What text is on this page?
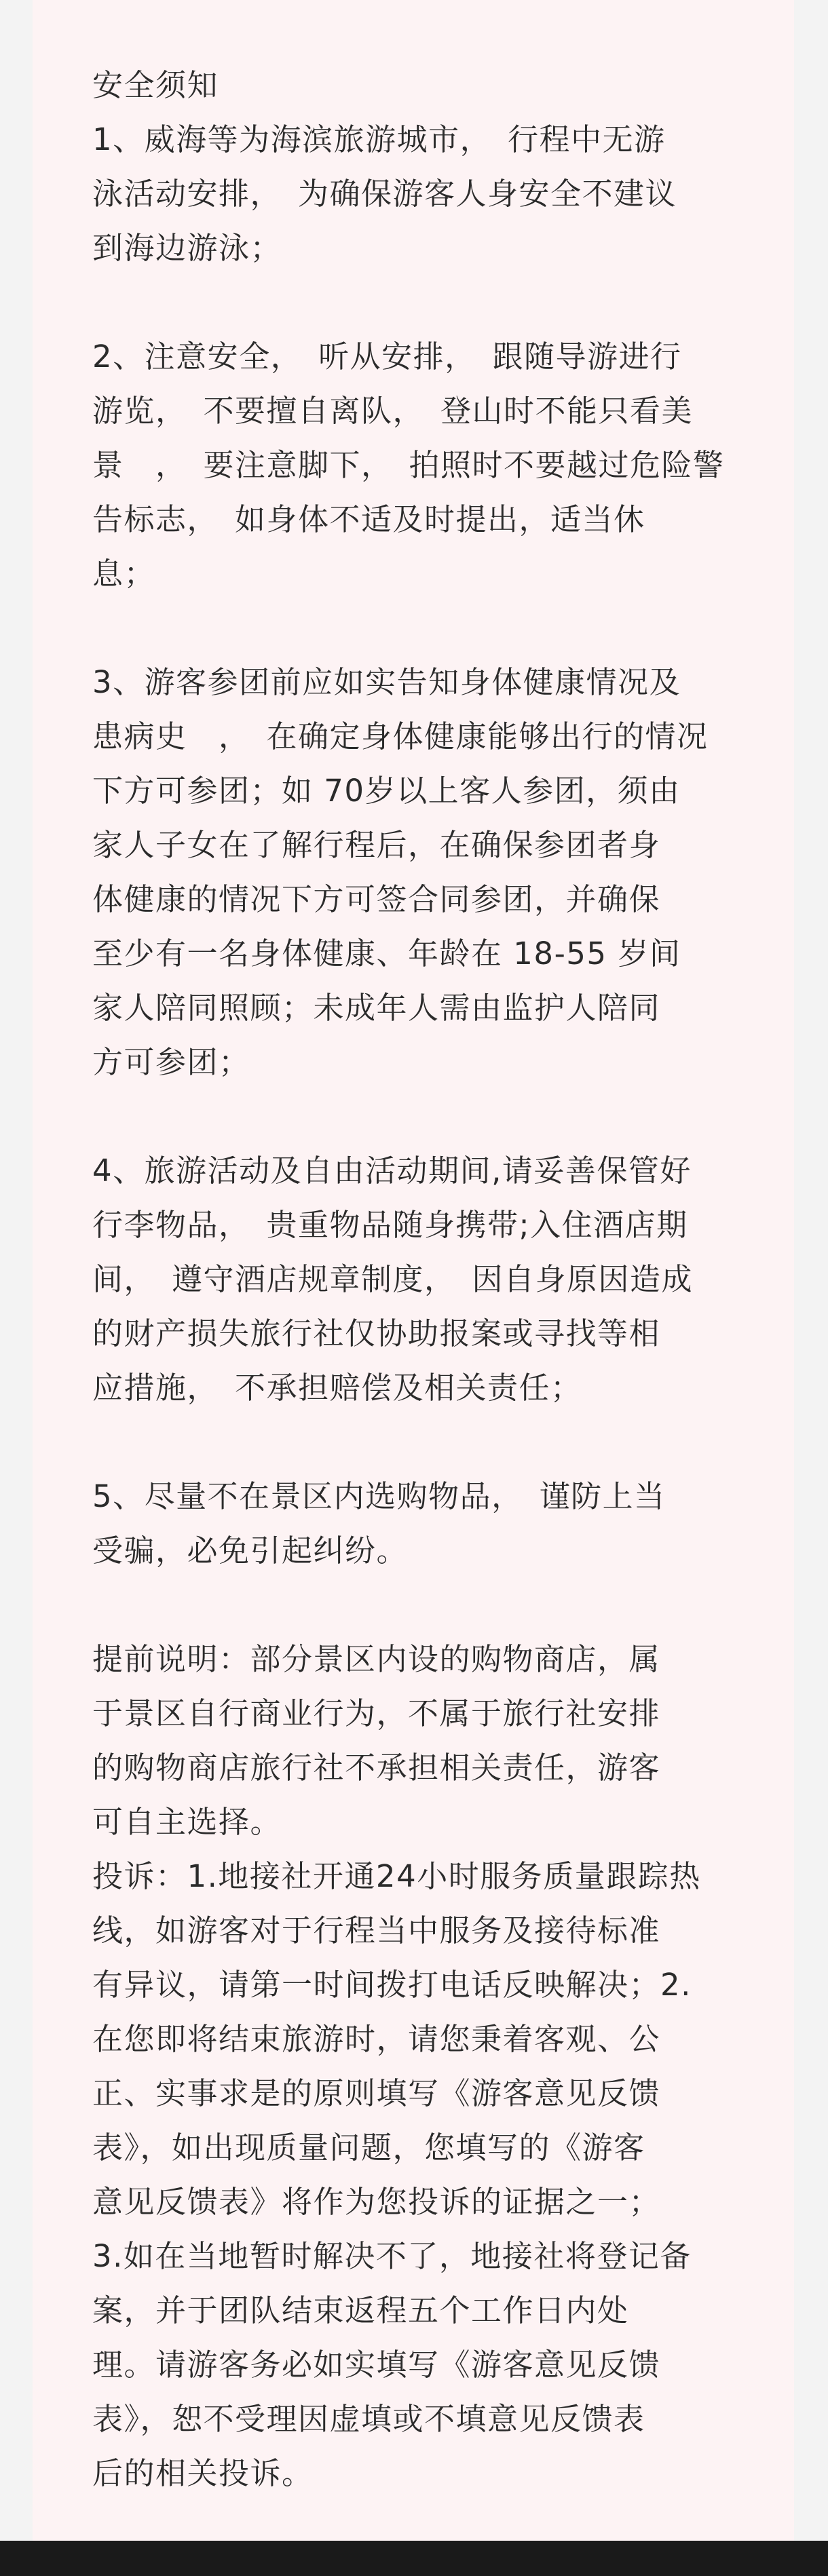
安全须知
1、威海等为海滨旅游城市，　行程中无游
泳活动安排，　为确保游客人身安全不建议
到海边游泳；
2、注意安全，　听从安排，　跟随导游进行
游览，　不要擅自离队，　登山时不能只看美
景　，　要注意脚下，　拍照时不要越过危险警
告标志，　如身体不适及时提出，适当休
息；
3、游客参团前应如实告知身体健康情况及
患病史　，　在确定身体健康能够出行的情况
下方可参团；如 70岁以上客人参团，须由
家人子女在了解行程后，在确保参团者身
体健康的情况下方可签合同参团，并确保
至少有一名身体健康、年龄在 18-55 岁间
家人陪同照顾；未成年人需由监护人陪同
方可参团；
4、旅游活动及自由活动期间,请妥善保管好
行李物品，　贵重物品随身携带;入住酒店期
间，　遵守酒店规章制度，　因自身原因造成
的财产损失旅行社仅协助报案或寻找等相
应措施，　不承担赔偿及相关责任；
5、尽量不在景区内选购物品，　谨防上当
受骗，必免引起纠纷。
提前说明：部分景区内设的购物商店，属
于景区自行商业行为，不属于旅行社安排
的购物商店旅行社不承担相关责任，游客
可自主选择。
投诉：1.地接社开通24小时服务质量跟踪热
线，如游客对于行程当中服务及接待标准
有异议，请第一时间拨打电话反映解决；2.
在您即将结束旅游时，请您秉着客观、公
正、实事求是的原则填写《游客意见反馈
表》，如出现质量问题，您填写的《游客
意见反馈表》将作为您投诉的证据之一；
3.如在当地暂时解决不了，地接社将登记备
案，并于团队结束返程五个工作日内处
理。请游客务必如实填写《游客意见反馈
表》，恕不受理因虚填或不填意见反馈表
后的相关投诉。
